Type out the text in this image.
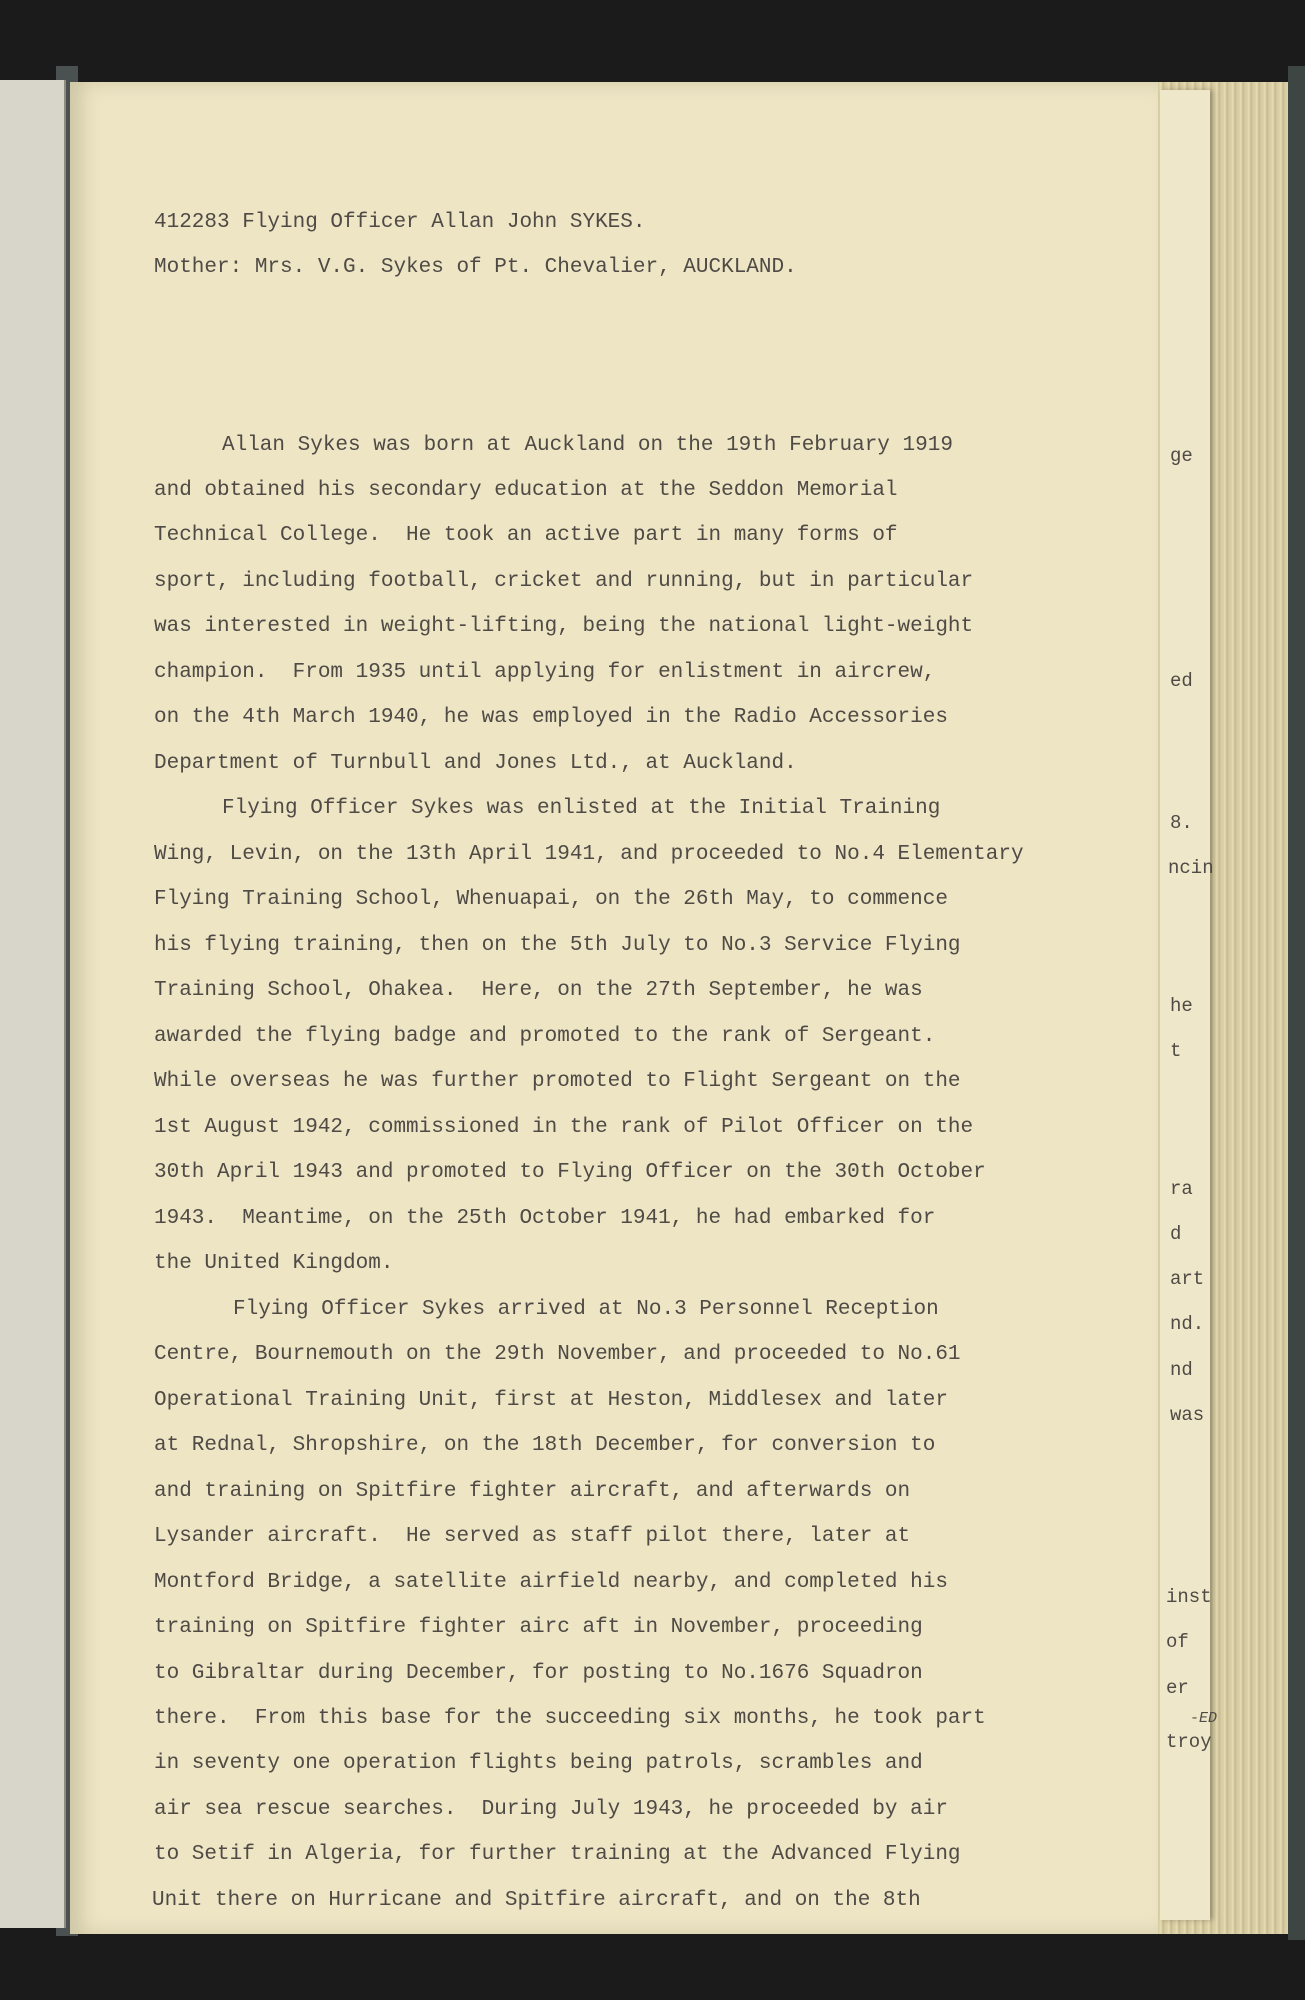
412283 Flying Officer Allan John SYKES.
Mother: Mrs. V.G. Sykes of Pt. Chevalier, AUCKLAND.
Allan Sykes was born at Auckland on the 19th February 1919
and obtained his secondary education at the Seddon Memorial
Technical College.  He took an active part in many forms of
sport, including football, cricket and running, but in particular
was interested in weight-lifting, being the national light-weight
champion.  From 1935 until applying for enlistment in aircrew,
on the 4th March 1940, he was employed in the Radio Accessories
Department of Turnbull and Jones Ltd., at Auckland.
Flying Officer Sykes was enlisted at the Initial Training
Wing, Levin, on the 13th April 1941, and proceeded to No.4 Elementary
Flying Training School, Whenuapai, on the 26th May, to commence
his flying training, then on the 5th July to No.3 Service Flying
Training School, Ohakea.  Here, on the 27th September, he was
awarded the flying badge and promoted to the rank of Sergeant.
While overseas he was further promoted to Flight Sergeant on the
1st August 1942, commissioned in the rank of Pilot Officer on the
30th April 1943 and promoted to Flying Officer on the 30th October
1943.  Meantime, on the 25th October 1941, he had embarked for
the United Kingdom.
Flying Officer Sykes arrived at No.3 Personnel Reception
Centre, Bournemouth on the 29th November, and proceeded to No.61
Operational Training Unit, first at Heston, Middlesex and later
at Rednal, Shropshire, on the 18th December, for conversion to
and training on Spitfire fighter aircraft, and afterwards on
Lysander aircraft.  He served as staff pilot there, later at
Montford Bridge, a satellite airfield nearby, and completed his
training on Spitfire fighter airc aft in November, proceeding
to Gibraltar during December, for posting to No.1676 Squadron
there.  From this base for the succeeding six months, he took part
in seventy one operation flights being patrols, scrambles and
air sea rescue searches.  During July 1943, he proceeded by air
to Setif in Algeria, for further training at the Advanced Flying
Unit there on Hurricane and Spitfire aircraft, and on the 8th
ge
ed
8.
ncin
he
t
ra
d
art
nd.
nd
was
inst
of
er
-ED
troy
